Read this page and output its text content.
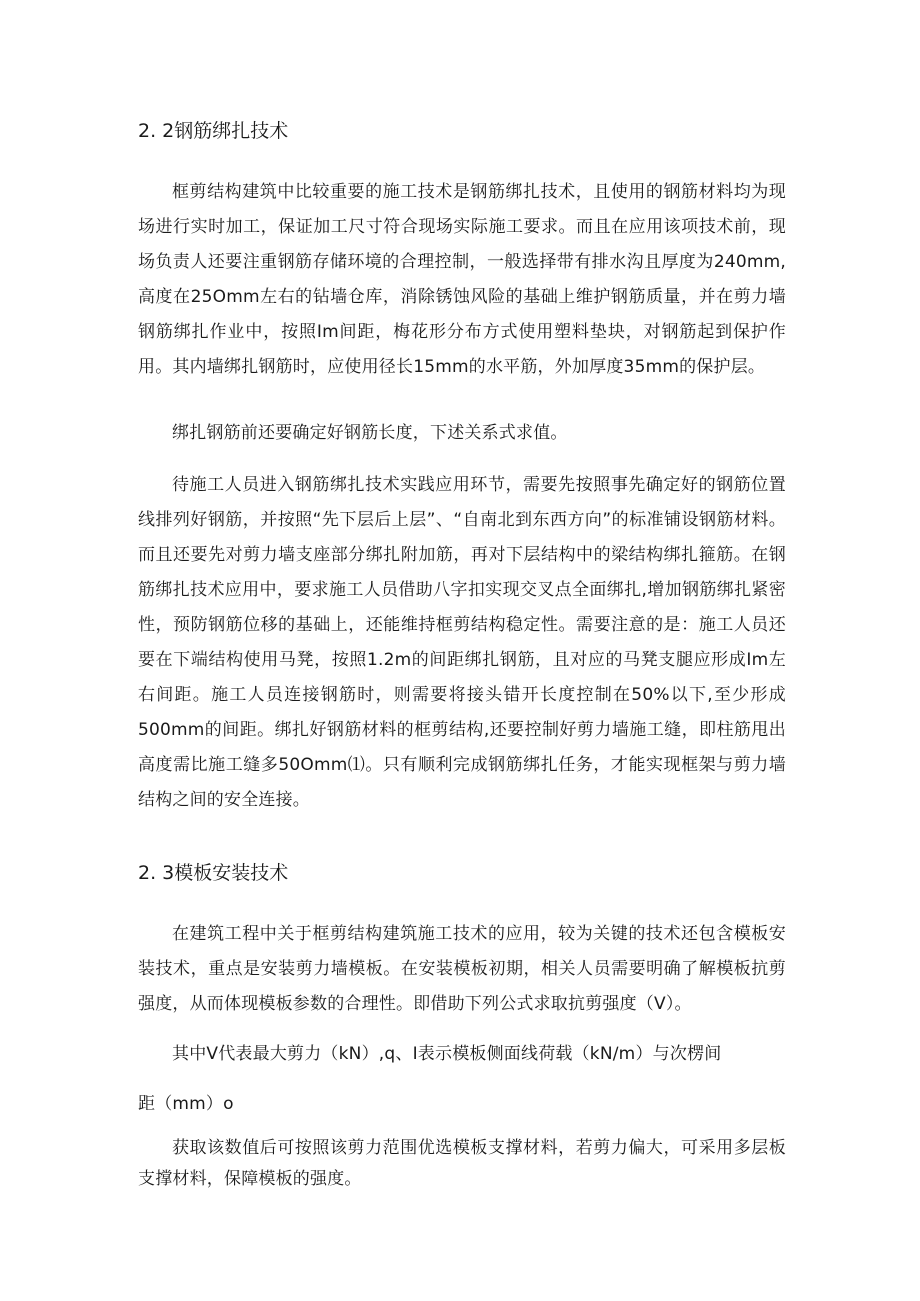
2. 2钢筋绑扎技术

框剪结构建筑中比较重要的施工技术是钢筋绑扎技术，且使用的钢筋材料均为现场进行实时加工，保证加工尺寸符合现场实际施工要求。而且在应用该项技术前，现场负责人还要注重钢筋存储环境的合理控制，一般选择带有排水沟且厚度为240mm,高度在25Omm左右的钻墙仓库，消除锈蚀风险的基础上维护钢筋质量，并在剪力墙钢筋绑扎作业中，按照Im间距，梅花形分布方式使用塑料垫块，对钢筋起到保护作用。其内墙绑扎钢筋时，应使用径长15mm的水平筋，外加厚度35mm的保护层。

绑扎钢筋前还要确定好钢筋长度，下述关系式求值。

待施工人员进入钢筋绑扎技术实践应用环节，需要先按照事先确定好的钢筋位置线排列好钢筋，并按照“先下层后上层”、“自南北到东西方向”的标准铺设钢筋材料。而且还要先对剪力墙支座部分绑扎附加筋，再对下层结构中的梁结构绑扎箍筋。在钢筋绑扎技术应用中，要求施工人员借助八字扣实现交叉点全面绑扎,增加钢筋绑扎紧密性，预防钢筋位移的基础上，还能维持框剪结构稳定性。需要注意的是：施工人员还要在下端结构使用马凳，按照1.2m的间距绑扎钢筋，且对应的马凳支腿应形成Im左右间距。施工人员连接钢筋时，则需要将接头错开长度控制在50%以下,至少形成500mm的间距。绑扎好钢筋材料的框剪结构,还要控制好剪力墙施工缝，即柱筋甩出高度需比施工缝多50Omm⑴。只有顺利完成钢筋绑扎任务，才能实现框架与剪力墙结构之间的安全连接。

2. 3模板安装技术

在建筑工程中关于框剪结构建筑施工技术的应用，较为关键的技术还包含模板安装技术，重点是安装剪力墙模板。在安装模板初期，相关人员需要明确了解模板抗剪强度，从而体现模板参数的合理性。即借助下列公式求取抗剪强度（V）。

其中V代表最大剪力（kN）,q、I表示模板侧面线荷载（kN∕m）与次楞间

距（mm）o

获取该数值后可按照该剪力范围优选模板支撑材料，若剪力偏大，可采用多层板支撑材料，保障模板的强度。
